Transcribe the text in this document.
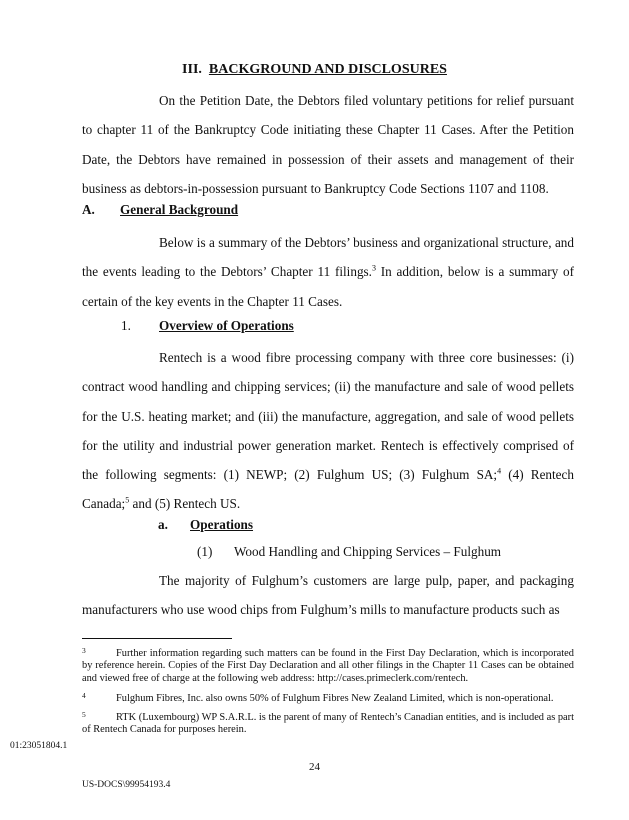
III. BACKGROUND AND DISCLOSURES

On the Petition Date, the Debtors filed voluntary petitions for relief pursuant to chapter 11 of the Bankruptcy Code initiating these Chapter 11 Cases. After the Petition Date, the Debtors have remained in possession of their assets and management of their business as debtors-in-possession pursuant to Bankruptcy Code Sections 1107 and 1108.

A. General Background

Below is a summary of the Debtors’ business and organizational structure, and the events leading to the Debtors’ Chapter 11 filings.$^3$ In addition, below is a summary of certain of the key events in the Chapter 11 Cases.

1. Overview of Operations

Rentech is a wood fibre processing company with three core businesses: (i) contract wood handling and chipping services; (ii) the manufacture and sale of wood pellets for the U.S. heating market; and (iii) the manufacture, aggregation, and sale of wood pellets for the utility and industrial power generation market. Rentech is effectively comprised of the following segments: (1) NEWP; (2) Fulghum US; (3) Fulghum SA;$^4$ (4) Rentech Canada;$^5$ and (5) Rentech US.

a. Operations
(1) Wood Handling and Chipping Services – Fulghum

The majority of Fulghum’s customers are large pulp, paper, and packaging manufacturers who use wood chips from Fulghum’s mills to manufacture products such as

3	Further information regarding such matters can be found in the First Day Declaration, which is incorporated by reference herein. Copies of the First Day Declaration and all other filings in the Chapter 11 Cases can be obtained and viewed free of charge at the following web address: http://cases.primeclerk.com/rentech.
4	Fulghum Fibres, Inc. also owns 50% of Fulghum Fibres New Zealand Limited, which is non-operational.
5	RTK (Luxembourg) WP S.A.R.L. is the parent of many of Rentech’s Canadian entities, and is included as part of Rentech Canada for purposes herein.
01:23051804.1
24
US-DOCS\99954193.4
